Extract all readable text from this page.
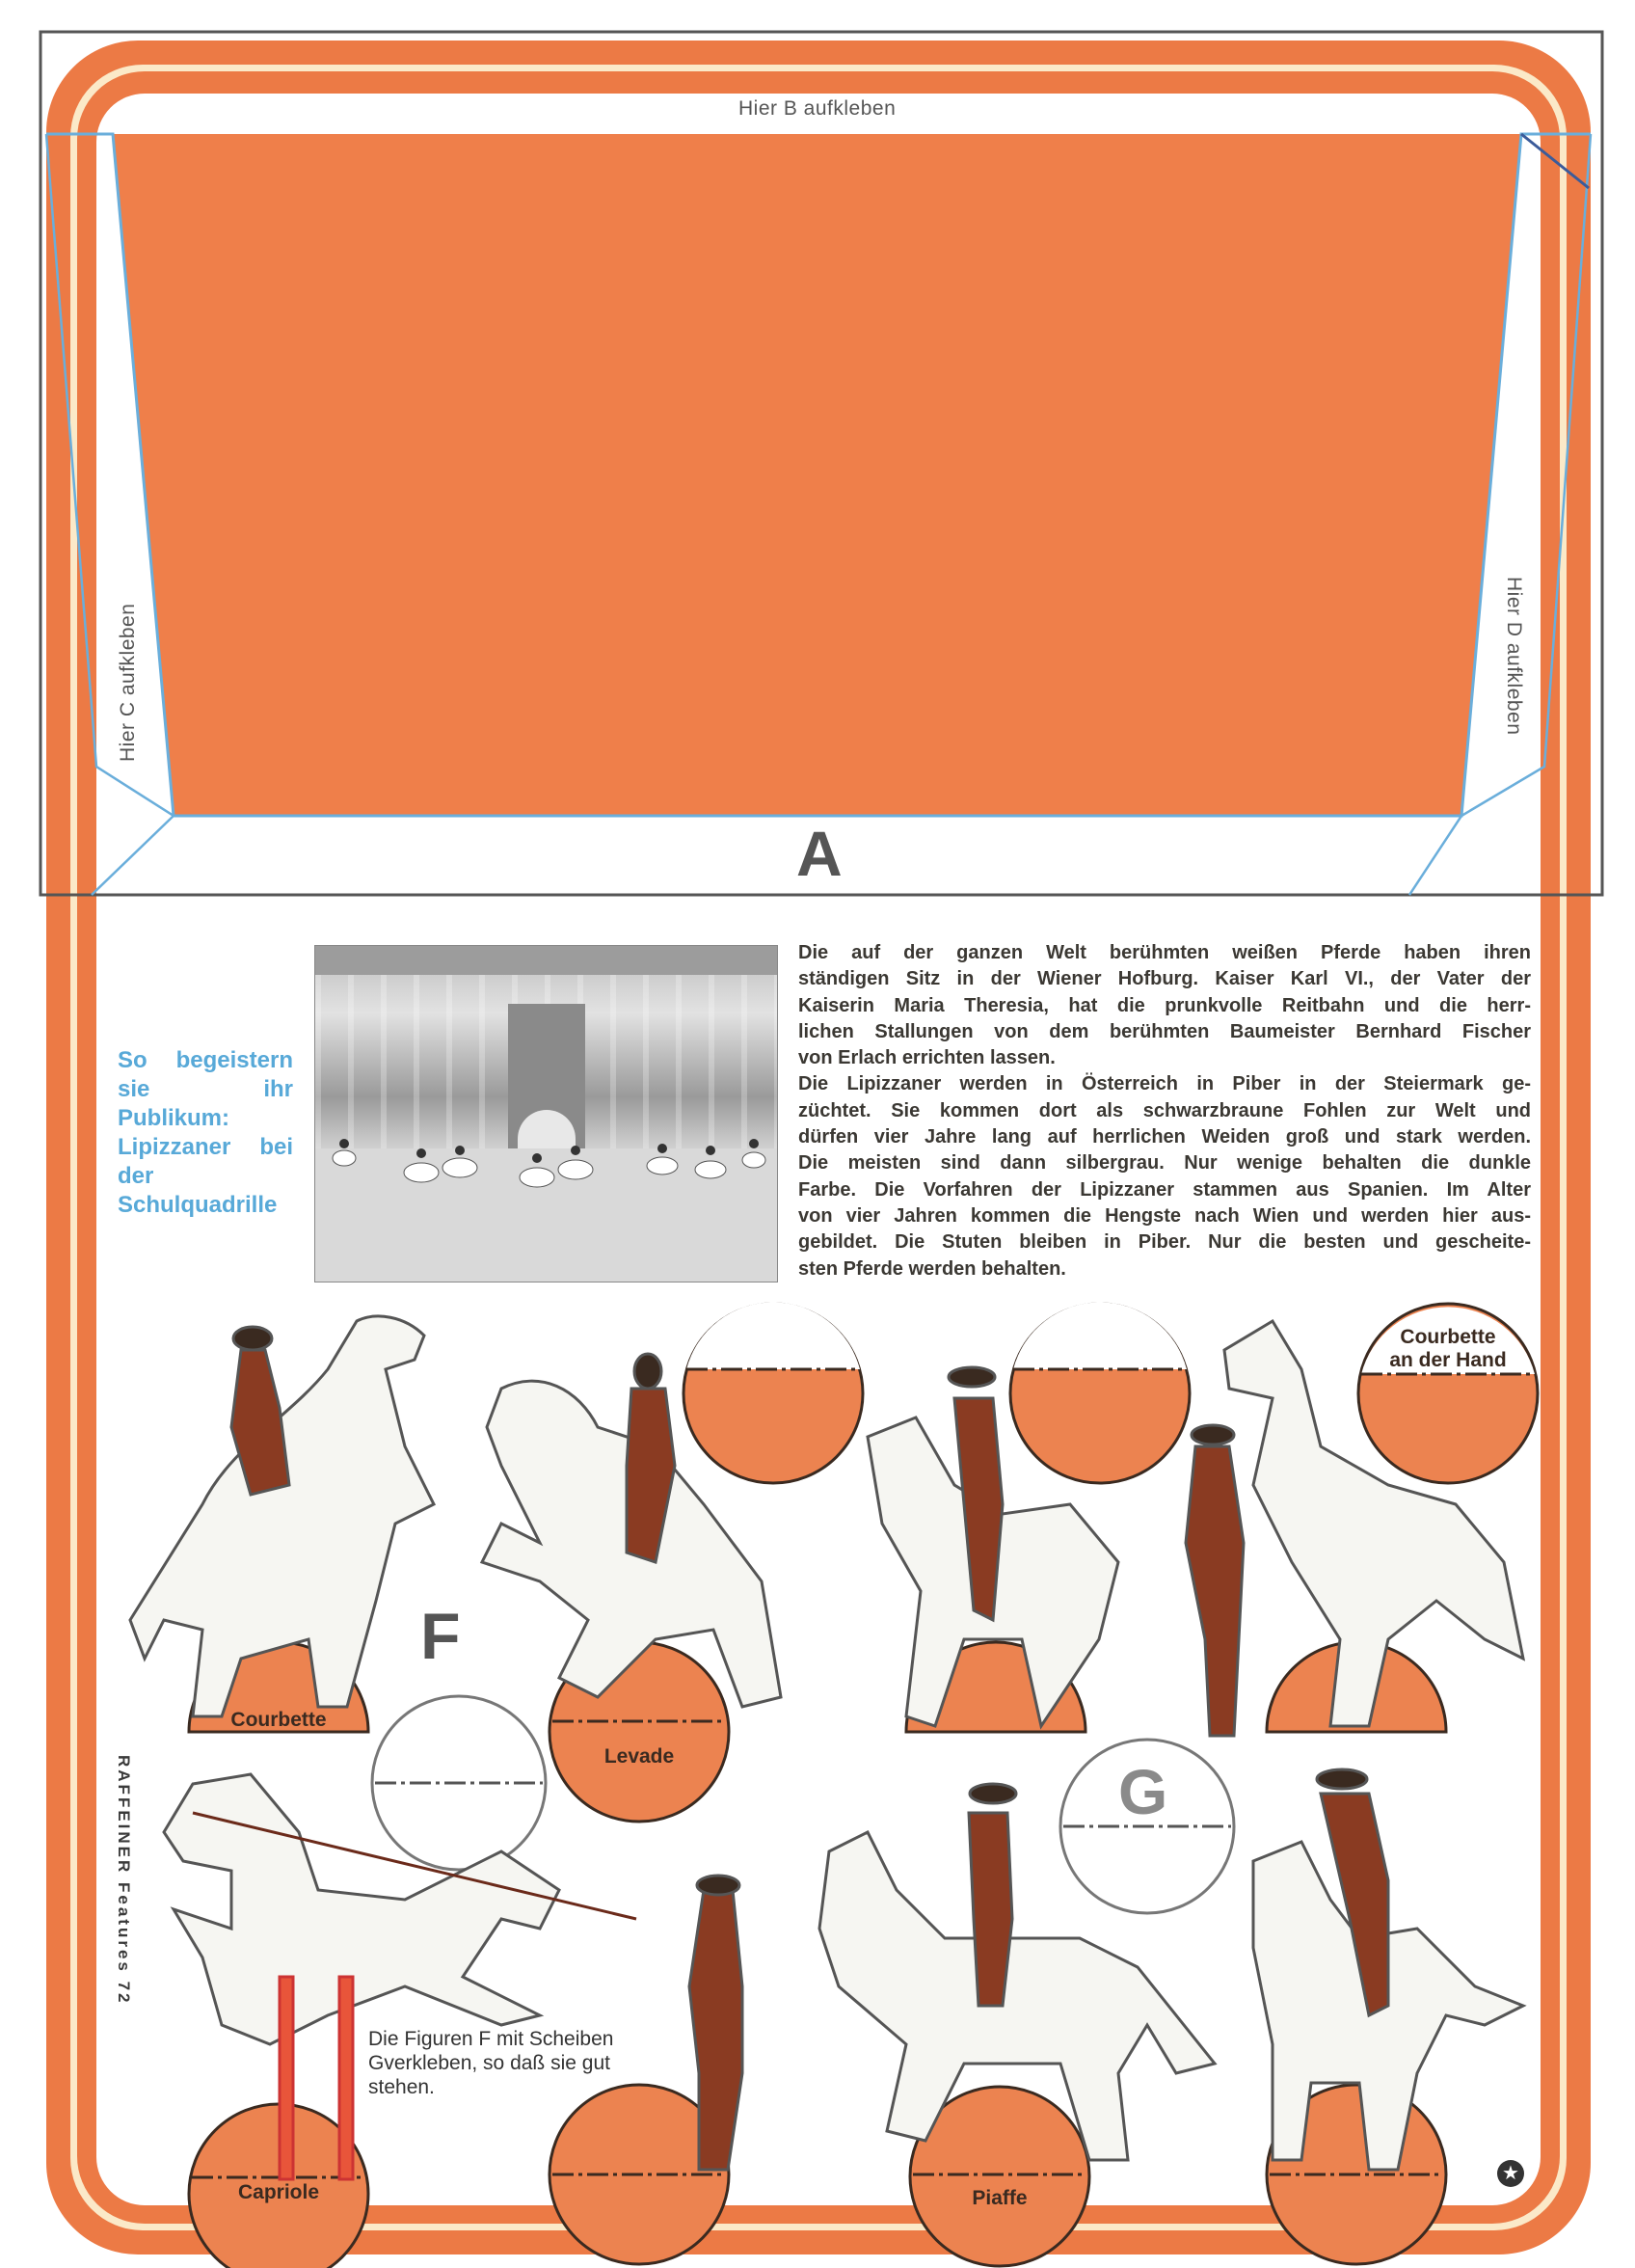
Hier B aufkleben
Hier C aufkleben	Hier D aufkleben
A
So begeistern sie ihr Publikum: Lipizzaner bei der Schulquadrille
Die auf der ganzen Welt berühmten weißen Pferde haben ihren
ständigen Sitz in der Wiener Hofburg. Kaiser Karl VI., der Vater der
Kaiserin Maria Theresia, hat die prunkvolle Reitbahn und die herr-
lichen Stallungen von dem berühmten Baumeister Bernhard Fischer
von Erlach errichten lassen.
Die Lipizzaner werden in Österreich in Piber in der Steiermark ge-
züchtet. Sie kommen dort als schwarzbraune Fohlen zur Welt und
dürfen vier Jahre lang auf herrlichen Weiden groß und stark werden.
Die meisten sind dann silbergrau. Nur wenige behalten die dunkle
Farbe. Die Vorfahren der Lipizzaner stammen aus Spanien. Im Alter
von vier Jahren kommen die Hengste nach Wien und werden hier aus-
gebildet. Die Stuten bleiben in Piber. Nur die besten und gescheite-
sten Pferde werden behalten.
F
G
Courbette
Levade
Courbette
an der Hand
Capriole	Piaffe
Die Figuren F mit Scheiben Gverkleben, so daß sie gut stehen.
RAFFEINER Features 72
★
